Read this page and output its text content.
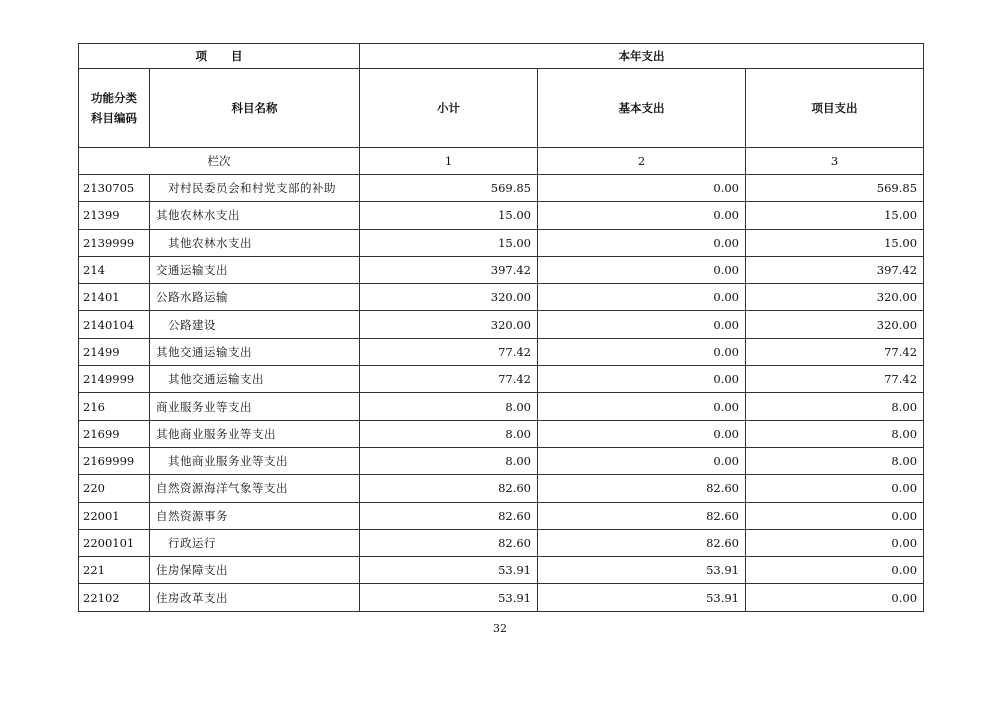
项      目		本年支出		
功能分类
科目编码	科目名称	小计	基本支出	项目支出
栏次		1	2	3
2130705	对村民委员会和村党支部的补助	569.85	0.00	569.85
21399	其他农林水支出	15.00	0.00	15.00
2139999	其他农林水支出	15.00	0.00	15.00
214	交通运输支出	397.42	0.00	397.42
21401	公路水路运输	320.00	0.00	320.00
2140104	公路建设	320.00	0.00	320.00
21499	其他交通运输支出	77.42	0.00	77.42
2149999	其他交通运输支出	77.42	0.00	77.42
216	商业服务业等支出	8.00	0.00	8.00
21699	其他商业服务业等支出	8.00	0.00	8.00
2169999	其他商业服务业等支出	8.00	0.00	8.00
220	自然资源海洋气象等支出	82.60	82.60	0.00
22001	自然资源事务	82.60	82.60	0.00
2200101	行政运行	82.60	82.60	0.00
221	住房保障支出	53.91	53.91	0.00
22102	住房改革支出	53.91	53.91	0.00
32
